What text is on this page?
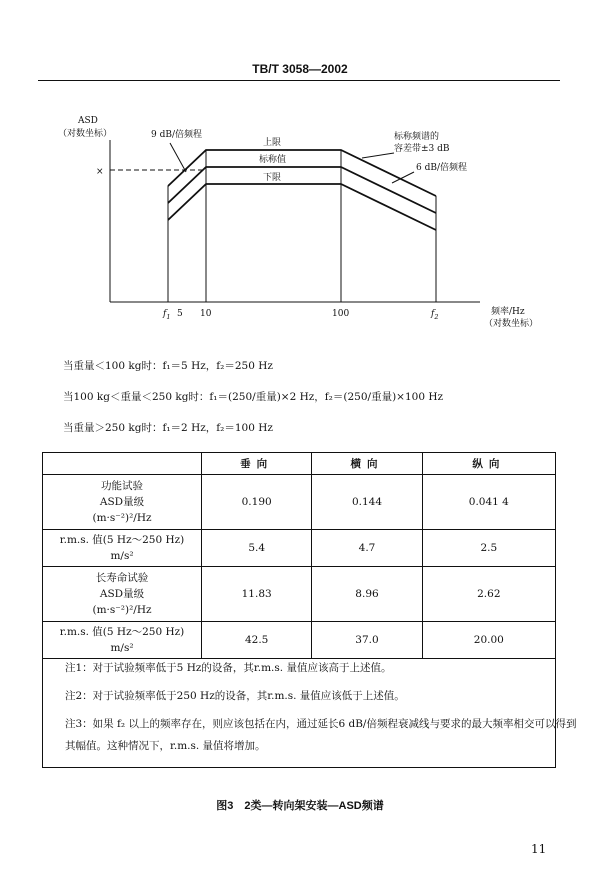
TB/T 3058—2002
ASD
（对数坐标）
×
9 dB/倍频程	标称频谱的
容差带±3 dB
6 dB/倍频程
上限
标称值
下限
频率/Hz
（对数坐标）
$f_1$ 5 10	100	$f_2$
当重量＜100 kg时：f₁＝5 Hz，f₂＝250 Hz
当100 kg＜重量＜250 kg时：f₁＝(250/重量)×2 Hz，f₂＝(250/重量)×100 Hz
当重量＞250 kg时：f₁＝2 Hz，f₂＝100 Hz
	垂向	横向	纵向

功能试验
ASD量级
(m·s⁻²)²/Hz	0.190	0.144	0.041 4

r.m.s. 值(5 Hz～250 Hz)
m/s²	5.4	4.7	2.5

长寿命试验
ASD量级
(m·s⁻²)²/Hz	11.83	8.96	2.62

r.m.s. 值(5 Hz～250 Hz)
m/s²	42.5	37.0	20.00
注1：对于试验频率低于5 Hz的设备，其r.m.s. 量值应该高于上述值。
注2：对于试验频率低于250 Hz的设备，其r.m.s. 量值应该低于上述值。
注3：如果 f₂ 以上的频率存在，则应该包括在内，通过延长6 dB/倍频程衰减线与要求的最大频率相交可以得到
其幅值。这种情况下，r.m.s. 量值将增加。
图3　2类—转向架安装—ASD频谱
11
